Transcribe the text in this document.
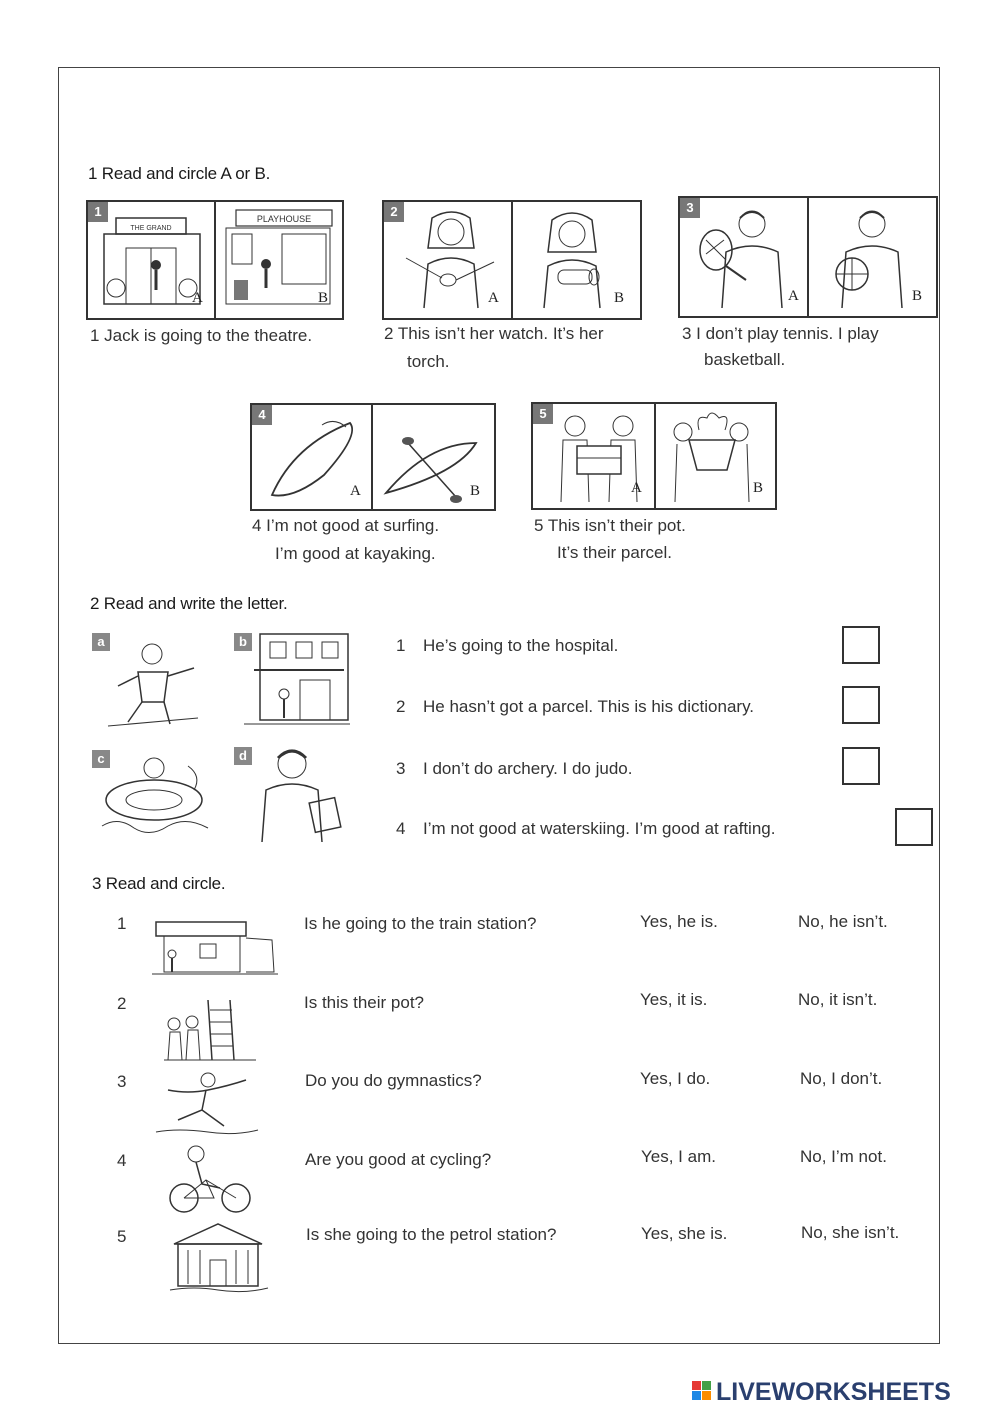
1 Read and circle A or B.
1
THE GRAND
A
PLAYHOUSE
B
1 Jack is going to the theatre.
2
A	B
2 This isn’t her watch. It’s her
torch.
3
A	B
3 I don’t play tennis. I play
basketball.
4
A	B
4 I’m not good at surfing.
I’m good at kayaking.
5
A	B
5 This isn’t their pot.
It’s their parcel.
2 Read and write the letter.
a	b
c	d
1 He’s going to the hospital.
2 He hasn’t got a parcel. This is his dictionary.
3 I don’t do archery. I do judo.
4 I’m not good at waterskiing. I’m good at rafting.
3 Read and circle.
1	Is he going to the train station?	Yes, he is.	No, he isn’t.
2	Is this their pot?	Yes, it is.	No, it isn’t.
3	Do you do gymnastics?	Yes, I do.	No, I don’t.
4	Are you good at cycling?	Yes, I am.	No, I’m not.
5	Is she going to the petrol station?	Yes, she is.	No, she isn’t.
LIVEWORKSHEETS
